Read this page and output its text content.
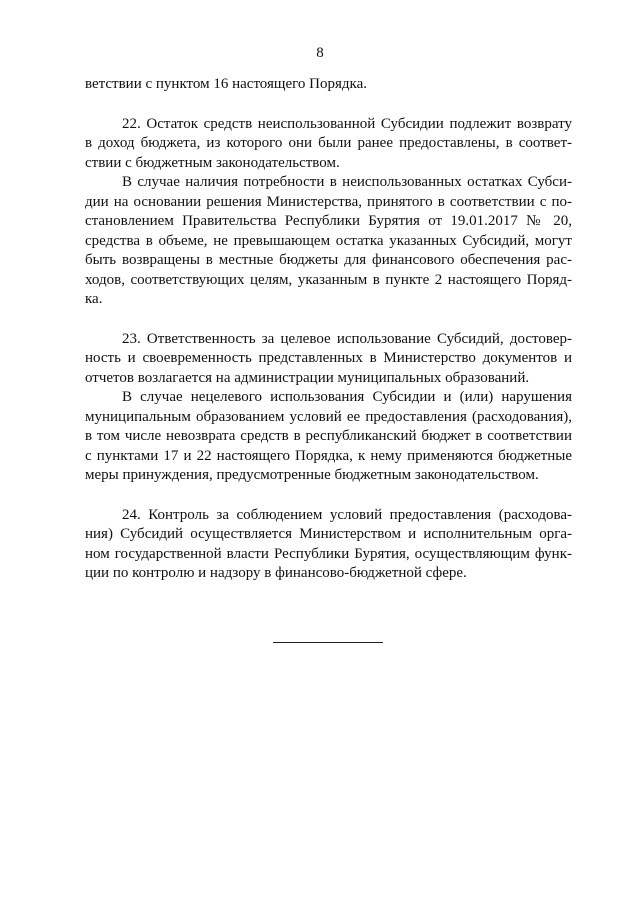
8
ветствии с пунктом 16 настоящего Порядка.
22. Остаток средств неиспользованной Субсидии подлежит возврату
в доход бюджета, из которого они были ранее предоставлены, в соответ-
ствии с бюджетным законодательством.
В случае наличия потребности в неиспользованных остатках Субси-
дии на основании решения Министерства, принятого в соответствии с по-
становлением Правительства Республики Бурятия от 19.01.2017 № 20,
средства в объеме, не превышающем остатка указанных Субсидий, могут
быть возвращены в местные бюджеты для финансового обеспечения рас-
ходов, соответствующих целям, указанным в пункте 2 настоящего Поряд-
ка.
23. Ответственность за целевое использование Субсидий, достовер-
ность и своевременность представленных в Министерство документов и
отчетов возлагается на администрации муниципальных образований.
В случае нецелевого использования Субсидии и (или) нарушения
муниципальным образованием условий ее предоставления (расходования),
в том числе невозврата средств в республиканский бюджет в соответствии
с пунктами 17 и 22 настоящего Порядка, к нему применяются бюджетные
меры принуждения, предусмотренные бюджетным законодательством.
24. Контроль за соблюдением условий предоставления (расходова-
ния) Субсидий осуществляется Министерством и исполнительным орга-
ном государственной власти Республики Бурятия, осуществляющим функ-
ции по контролю и надзору в финансово-бюджетной сфере.
